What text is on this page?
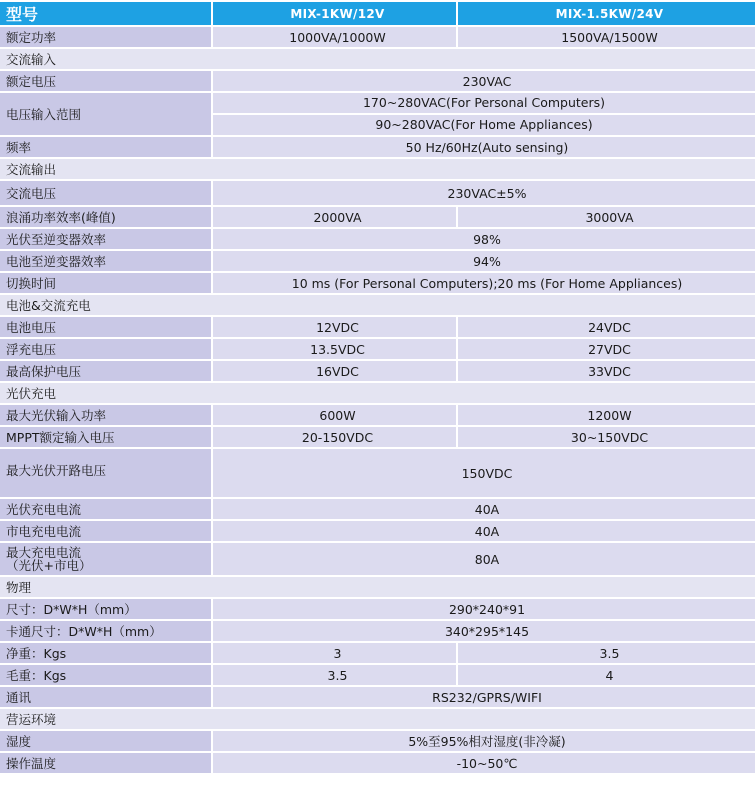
型号	MIX-1KW/12V	MIX-1.5KW/24V
额定功率	1000VA/1000W	1500VA/1500W
交流输入		
额定电压	230VAC	
电压输入范围	170~280VAC(For Personal Computers)
90~280VAC(For Home Appliances)	

频率	50 Hz/60Hz(Auto sensing)	
交流输出		
交流电压	230VAC±5%	
浪涌功率效率(峰值)	2000VA	3000VA
光伏至逆变器效率	98%	
电池至逆变器效率	94%	
切换时间	10 ms (For Personal Computers);20 ms (For Home Appliances)	
电池&交流充电		
电池电压	12VDC	24VDC
浮充电压	13.5VDC	27VDC
最高保护电压	16VDC	33VDC
光伏充电		
最大光伏输入功率	600W	1200W
MPPT额定输入电压	20-150VDC	30~150VDC
最大光伏开路电压	150VDC	
光伏充电电流	40A	
市电充电电流	40A	

最大充电电流
（光伏+市电）	80A	
物理		
尺寸：D*W*H（mm）	290*240*91	
卡通尺寸：D*W*H（mm）	340*295*145	
净重：Kgs	3	3.5
毛重：Kgs	3.5	4
通讯	RS232/GPRS/WIFI	
营运环境		
湿度	5%至95%相对湿度(非冷凝)	
操作温度	-10~50℃	
